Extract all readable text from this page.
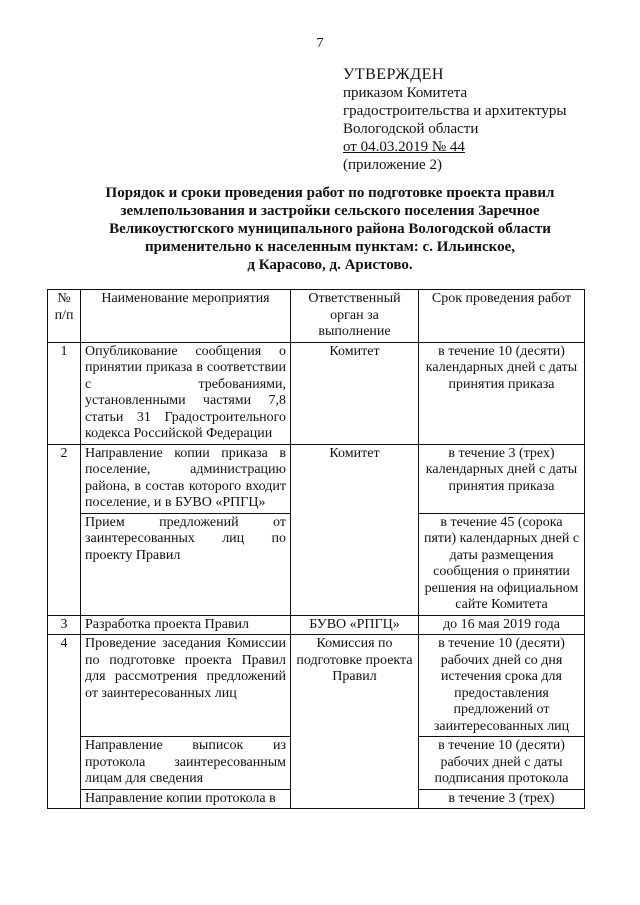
7
УТВЕРЖДЕН
приказом Комитета
градостроительства и архитектуры
Вологодской области
от 04.03.2019 № 44
(приложение 2)
Порядок и сроки проведения работ по подготовке проекта правил
землепользования и застройки сельского поселения Заречное
Великоустюгского муниципального района Вологодской области
применительно к населенным пунктам: с. Ильинское,
д Карасово, д. Аристово.
№ п/п	Наименование мероприятия	Ответственный орган за выполнение	Срок проведения работ
1	Опубликование сообщения о принятии приказа в соответствии с требованиями, установленными частями 7,8 статьи 31 Градостроительного кодекса Российской Федерации	Комитет	в течение 10 (десяти) календарных дней с даты принятия приказа
2	Направление копии приказа в поселение, администрацию района, в состав которого входит поселение, и в БУВО «РПГЦ»	Комитет	в течение 3 (трех) календарных дней с даты принятия приказа
	Прием предложений от заинтересованных лиц по проекту Правил		в течение 45 (сорока пяти) календарных дней с даты размещения сообщения о принятии решения на официальном сайте Комитета
3	Разработка проекта Правил	БУВО «РПГЦ»	до 16 мая 2019 года
4	Проведение заседания Комиссии по подготовке проекта Правил для рассмотрения предложений от заинтересованных лиц	Комиссия по подготовке проекта Правил	в течение 10 (десяти) рабочих дней со дня истечения срока для предоставления предложений от заинтересованных лиц
	Направление выписок из протокола заинтересованным лицам для сведения		в течение 10 (десяти) рабочих дней с даты подписания протокола
	Направление копии протокола в		в течение 3 (трех)
